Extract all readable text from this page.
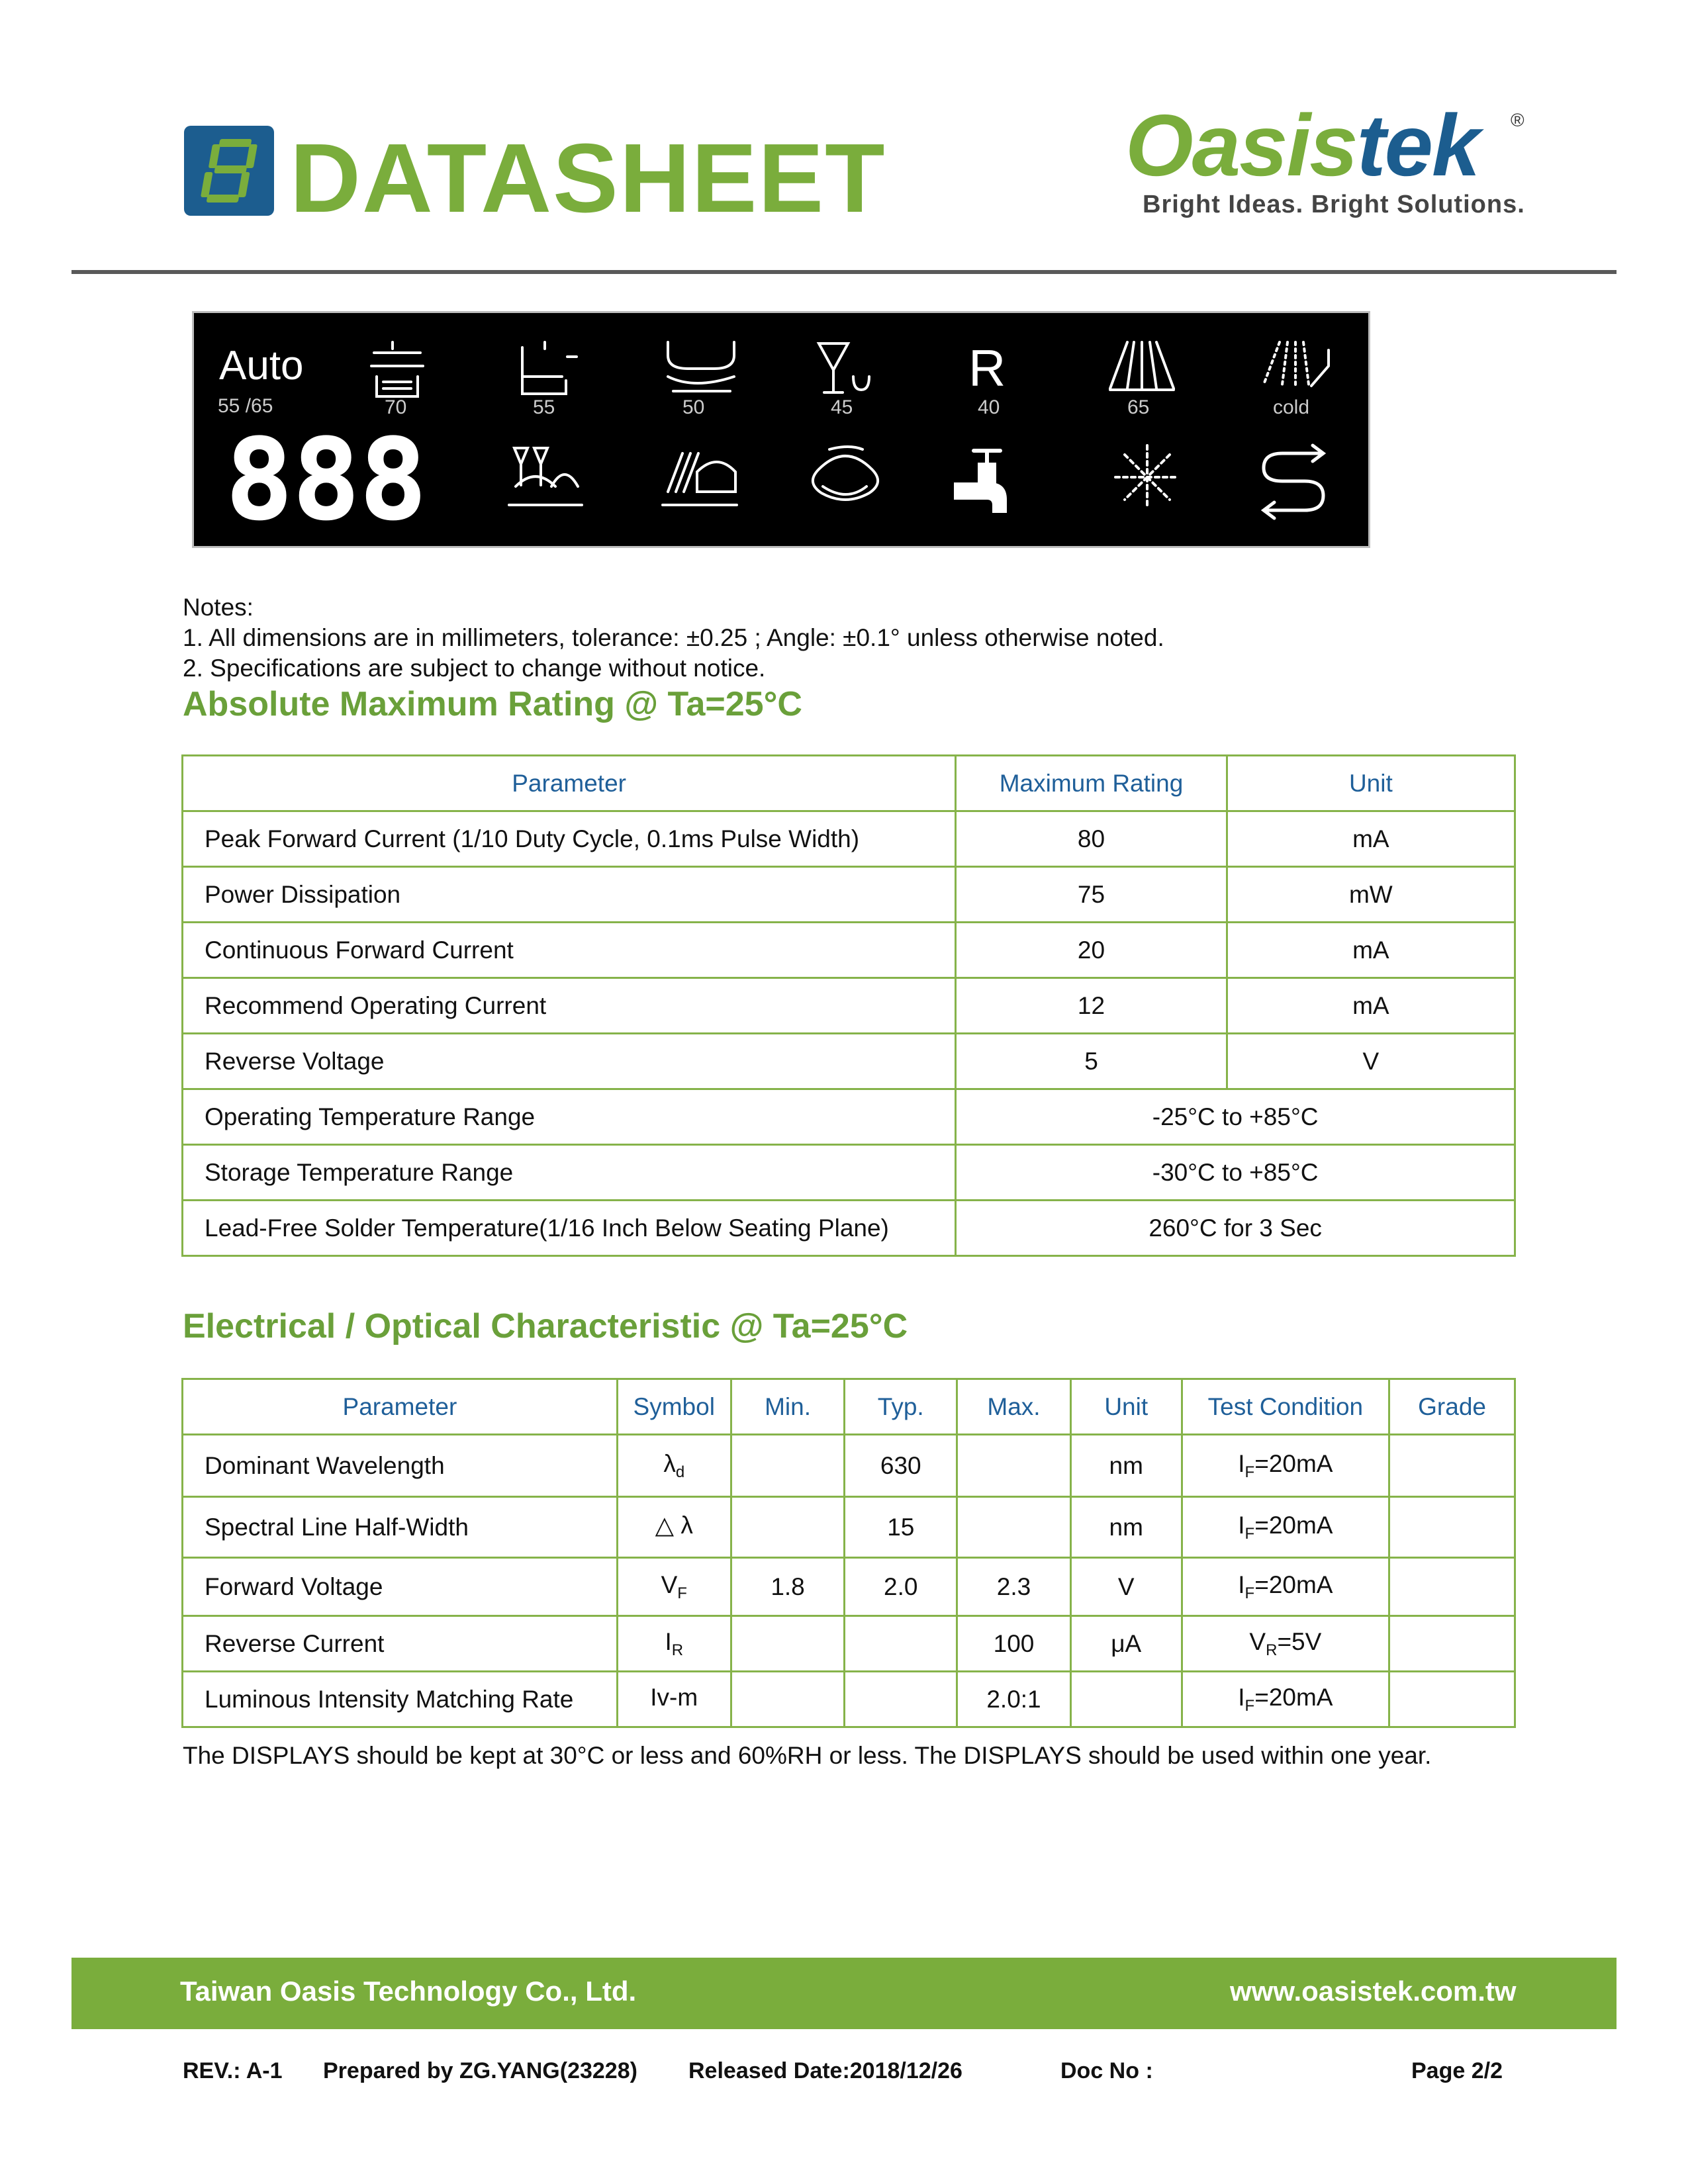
DATASHEET	Oasistek ®
Bright Ideas. Bright Solutions.
Auto
55 /65	70	55	50	45
R
40	65	cold
888
Notes:
1. All dimensions are in millimeters, tolerance: ±0.25 ; Angle: ±0.1° unless otherwise noted.
2. Specifications are subject to change without notice.
Absolute Maximum Rating @ Ta=25°C
Parameter	Maximum Rating	Unit
Peak Forward Current (1/10 Duty Cycle, 0.1ms Pulse Width)	80	mA
Power Dissipation	75	mW
Continuous Forward Current	20	mA
Recommend Operating Current	12	mA
Reverse Voltage	5	V
Operating Temperature Range	-25°C to +85°C	
Storage Temperature Range	-30°C to +85°C	
Lead-Free Solder Temperature(1/16 Inch Below Seating Plane)	260°C for 3 Sec	
Electrical / Optical Characteristic @ Ta=25°C
Parameter	Symbol	Min.	Typ.	Max.	Unit	Test Condition	Grade
Dominant Wavelength	$\lambda_d$		630		nm	$I_F=20mA$	
Spectral Line Half-Width	△ λ		15		nm	$I_F=20mA$	
Forward Voltage	$V_F$	1.8	2.0	2.3	V	$I_F=20mA$	
Reverse Current	$I_R$			100	μA	$V_R=5V$	
Luminous Intensity Matching Rate	Iv-m			2.0:1		$I_F=20mA$	
The DISPLAYS should be kept at 30°C or less and 60%RH or less. The DISPLAYS should be used within one year.
Taiwan Oasis Technology Co., Ltd.	www.oasistek.com.tw
REV.: A-1 Prepared by ZG.YANG(23228) Released Date:2018/12/26	Doc No :	Page 2/2
